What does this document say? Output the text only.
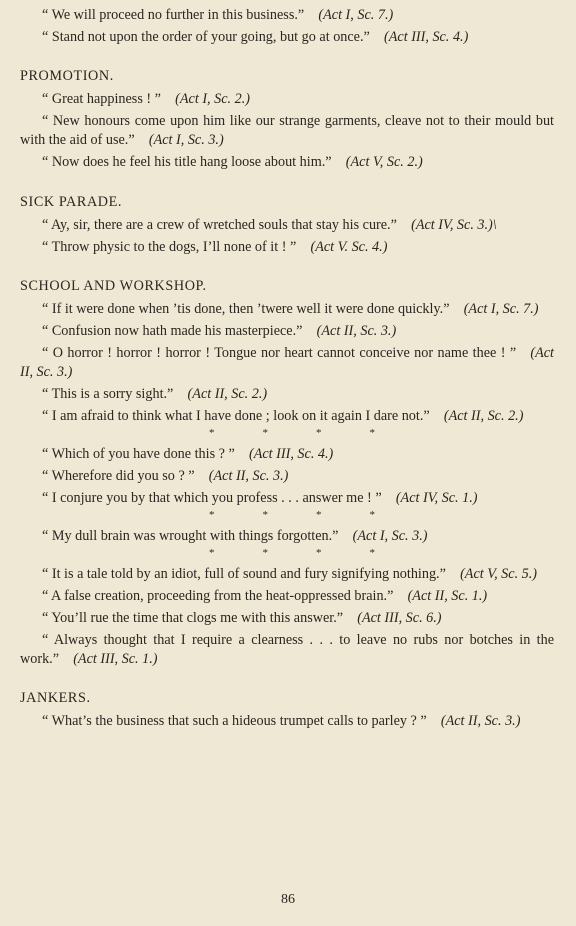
“ We will proceed no further in this business.”  (Act I, Sc. 7.)

“ Stand not upon the order of your going, but go at once.”  (Act III, Sc. 4.)

PROMOTION.

“ Great happiness ! ”  (Act I, Sc. 2.)

“ New honours come upon him like our strange garments, cleave not to their mould but with the aid of use.”  (Act I, Sc. 3.)

“ Now does he feel his title hang loose about him.”  (Act V, Sc. 2.)

SICK PARADE.

“ Ay, sir, there are a crew of wretched souls that stay his cure.”  (Act IV, Sc. 3.)\

“ Throw physic to the dogs, I’ll none of it ! ”  (Act V. Sc. 4.)

SCHOOL AND WORKSHOP.

“ If it were done when ’tis done, then ’twere well it were done quickly.”  (Act I, Sc. 7.)

“ Confusion now hath made his masterpiece.”  (Act II, Sc. 3.)

“ O horror ! horror ! horror ! Tongue nor heart cannot conceive nor name thee ! ”  (Act II, Sc. 3.)

“ This is a sorry sight.”  (Act II, Sc. 2.)

“ I am afraid to think what I have done ; look on it again I dare not.”  (Act II, Sc. 2.)

*	*	*	*

“ Which of you have done this ? ”  (Act III, Sc. 4.)

“ Wherefore did you so ? ”  (Act II, Sc. 3.)

“ I conjure you by that which you profess . . . answer me ! ”  (Act IV, Sc. 1.)

*	*	*	*

“ My dull brain was wrought with things forgotten.”  (Act I, Sc. 3.)

*	*	*	*

“ It is a tale told by an idiot, full of sound and fury signifying nothing.”  (Act V, Sc. 5.)

“ A false creation, proceeding from the heat-oppressed brain.”  (Act II, Sc. 1.)

“ You’ll rue the time that clogs me with this answer.”  (Act III, Sc. 6.)

“ Always thought that I require a clearness . . . to leave no rubs nor botches in the work.”  (Act III, Sc. 1.)

JANKERS.

“ What’s the business that such a hideous trumpet calls to parley ? ”  (Act II, Sc. 3.)

86
